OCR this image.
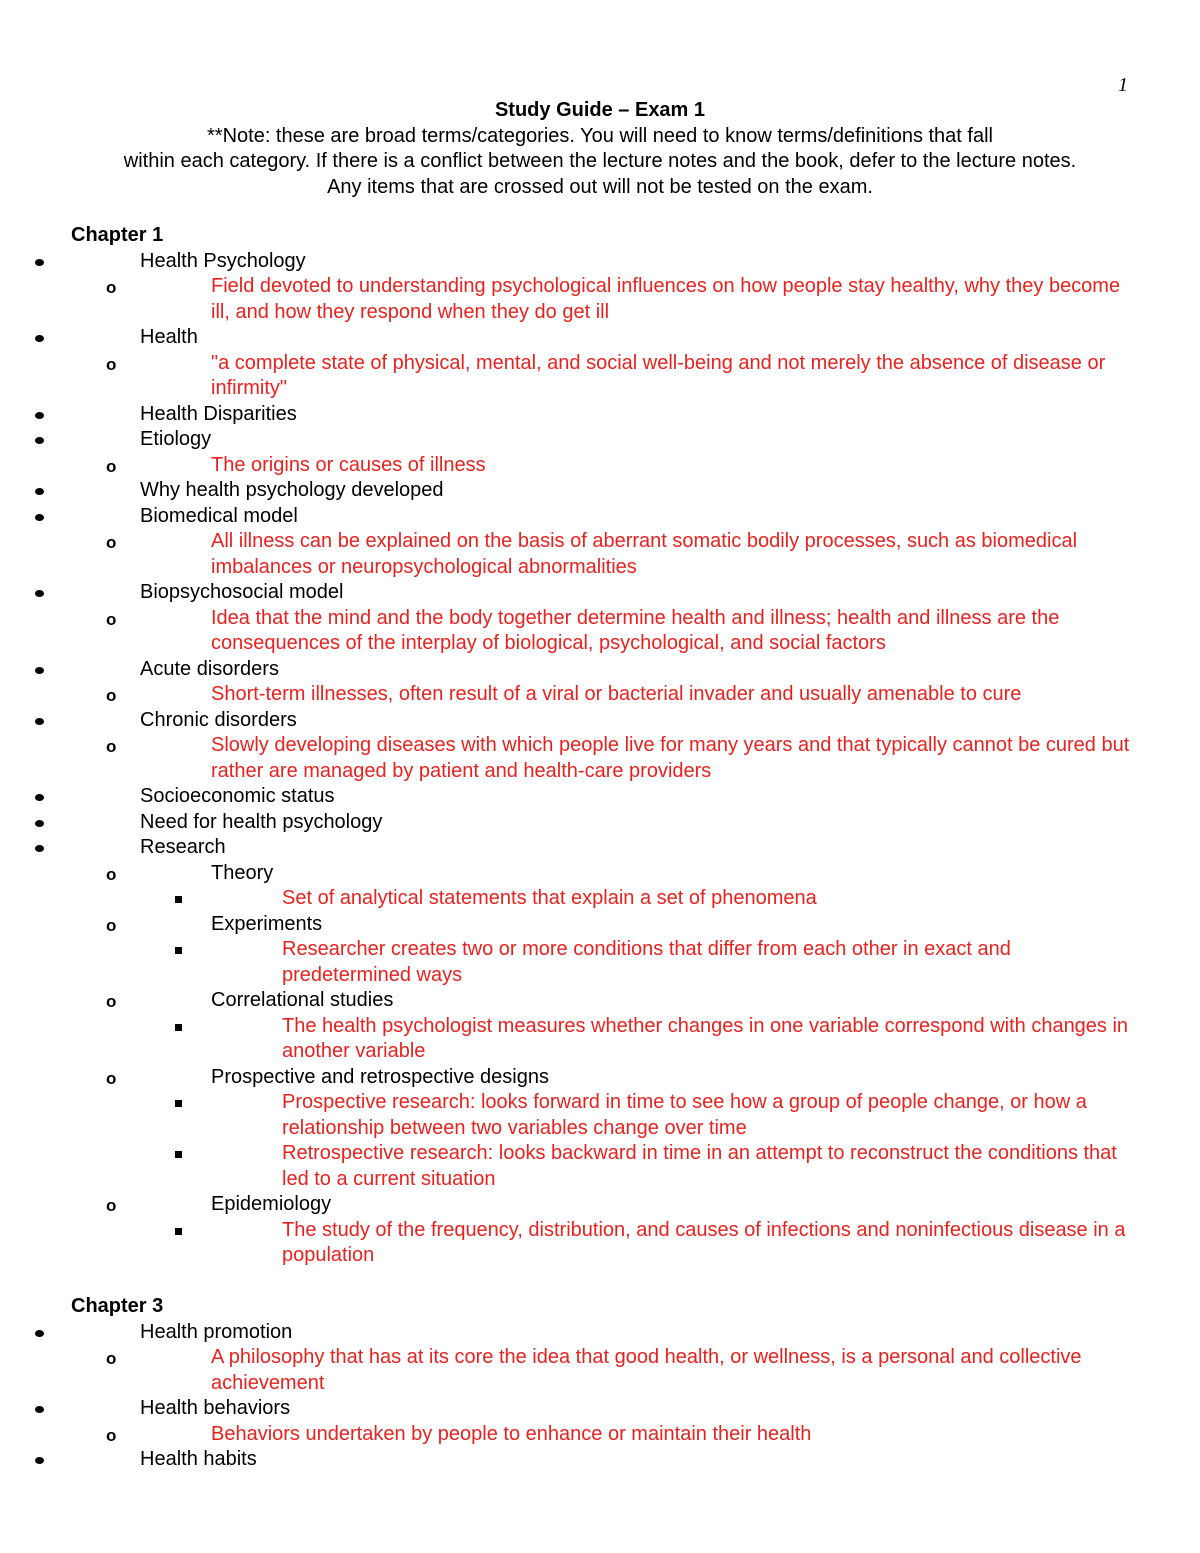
1
Study Guide – Exam 1
**Note: these are broad terms/categories. You will need to know terms/definitions that fall
within each category. If there is a conflict between the lecture notes and the book, defer to the lecture notes.
Any items that are crossed out will not be tested on the exam.
Chapter 1
Health Psychology
o	Field devoted to understanding psychological influences on how people stay healthy, why they become ill, and how they respond when they do get ill
Health
o	"a complete state of physical, mental, and social well-being and not merely the absence of disease or infirmity"
Health Disparities
Etiology
o	The origins or causes of illness
Why health psychology developed
Biomedical model
o	All illness can be explained on the basis of aberrant somatic bodily processes, such as biomedical imbalances or neuropsychological abnormalities
Biopsychosocial model
o	Idea that the mind and the body together determine health and illness; health and illness are the consequences of the interplay of biological, psychological, and social factors
Acute disorders
o	Short-term illnesses, often result of a viral or bacterial invader and usually amenable to cure
Chronic disorders
o	Slowly developing diseases with which people live for many years and that typically cannot be cured but rather are managed by patient and health-care providers
Socioeconomic status
Need for health psychology
Research
o	Theory
Set of analytical statements that explain a set of phenomena
o	Experiments
Researcher creates two or more conditions that differ from each other in exact and predetermined ways
o	Correlational studies
The health psychologist measures whether changes in one variable correspond with changes in another variable
o	Prospective and retrospective designs
Prospective research: looks forward in time to see how a group of people change, or how a relationship between two variables change over time
Retrospective research: looks backward in time in an attempt to reconstruct the conditions that led to a current situation
o	Epidemiology
The study of the frequency, distribution, and causes of infections and noninfectious disease in a population
Chapter 3
Health promotion
o	A philosophy that has at its core the idea that good health, or wellness, is a personal and collective achievement
Health behaviors
o	Behaviors undertaken by people to enhance or maintain their health
Health habits
